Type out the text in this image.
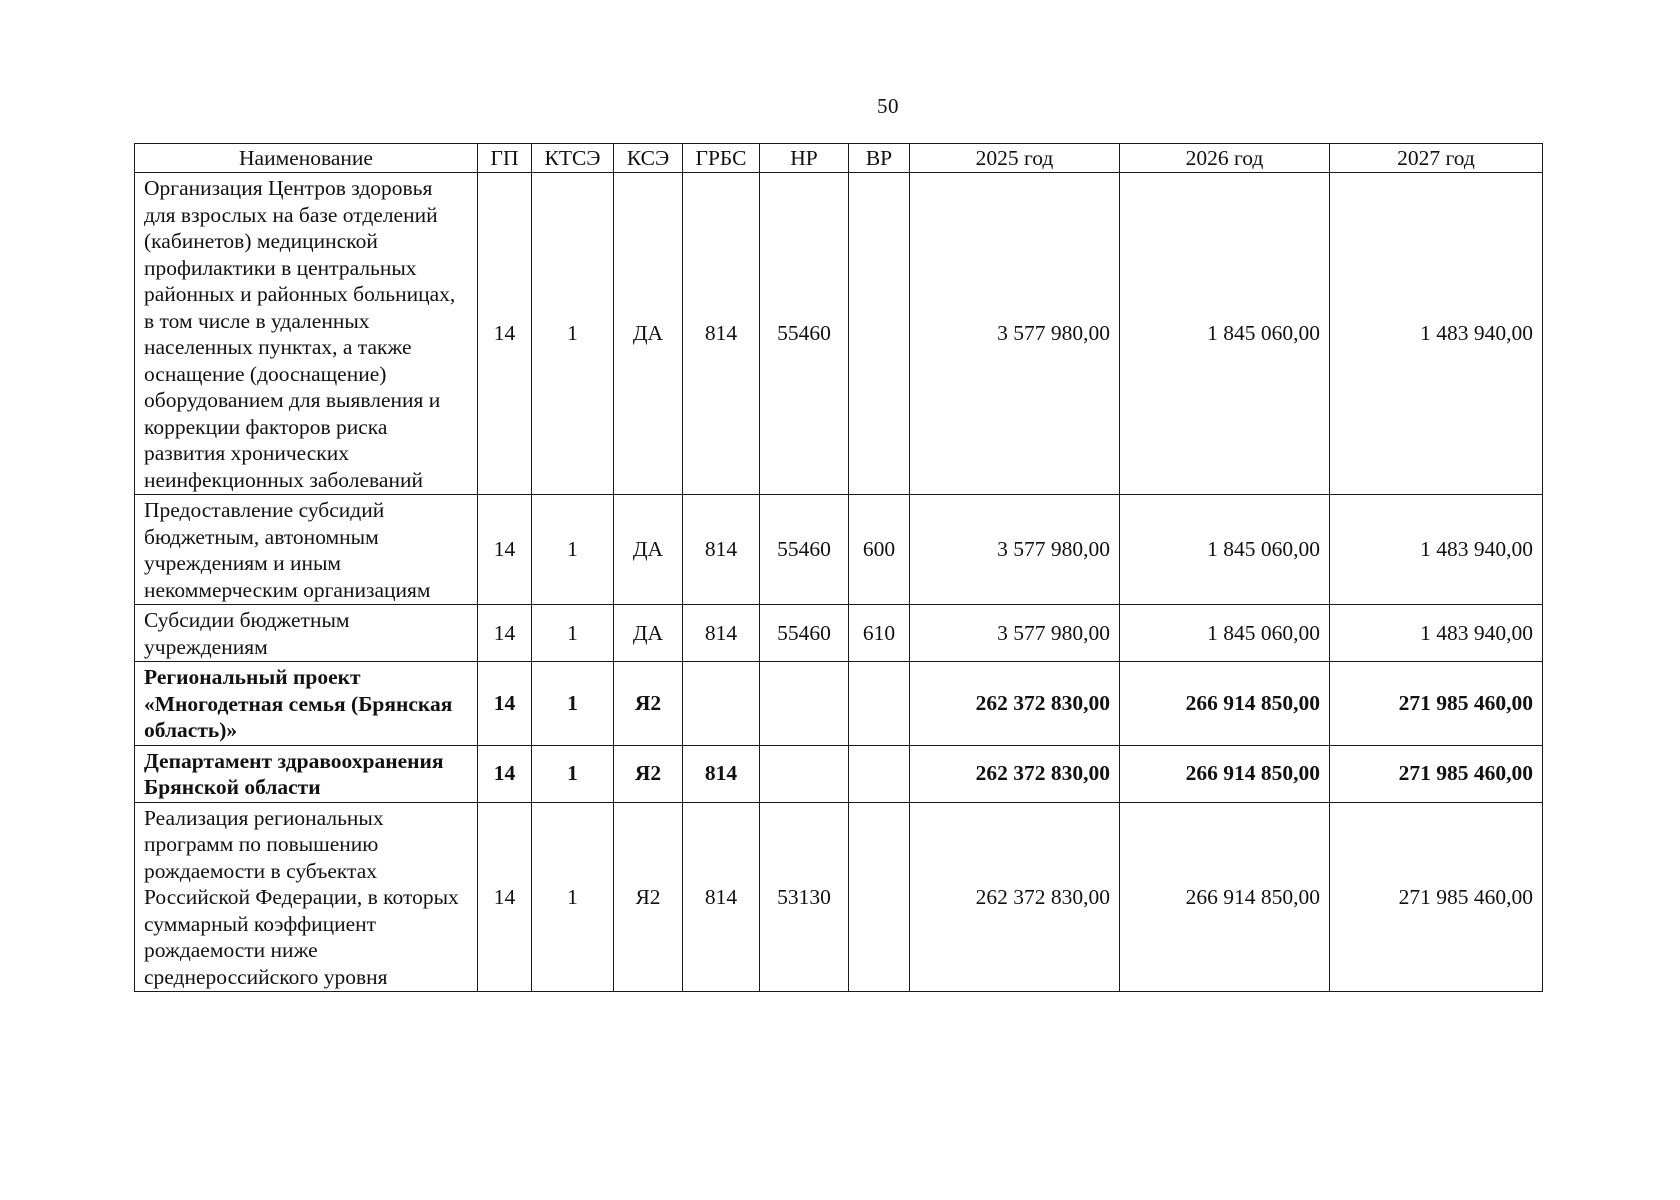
50
Наименование	ГП	КТСЭ	КСЭ	ГРБС	НР	ВР	2025 год	2026 год	2027 год
Организация Центров здоровья для взрослых на базе отделений (кабинетов) медицинской профилактики в центральных районных и районных больницах, в том числе в удаленных населенных пунктах, а также оснащение (дооснащение) оборудованием для выявления и коррекции факторов риска развития хронических неинфекционных заболеваний	14	1	ДА	814	55460		3 577 980,00	1 845 060,00	1 483 940,00
Предоставление субсидий бюджетным, автономным учреждениям и иным некоммерческим организациям	14	1	ДА	814	55460	600	3 577 980,00	1 845 060,00	1 483 940,00
Субсидии бюджетным учреждениям	14	1	ДА	814	55460	610	3 577 980,00	1 845 060,00	1 483 940,00
Региональный проект «Многодетная семья (Брянская область)»	14	1	Я2				262 372 830,00	266 914 850,00	271 985 460,00
Департамент здравоохранения Брянской области	14	1	Я2	814			262 372 830,00	266 914 850,00	271 985 460,00
Реализация региональных программ по повышению рождаемости в субъектах Российской Федерации, в которых суммарный коэффициент рождаемости ниже среднероссийского уровня	14	1	Я2	814	53130		262 372 830,00	266 914 850,00	271 985 460,00
